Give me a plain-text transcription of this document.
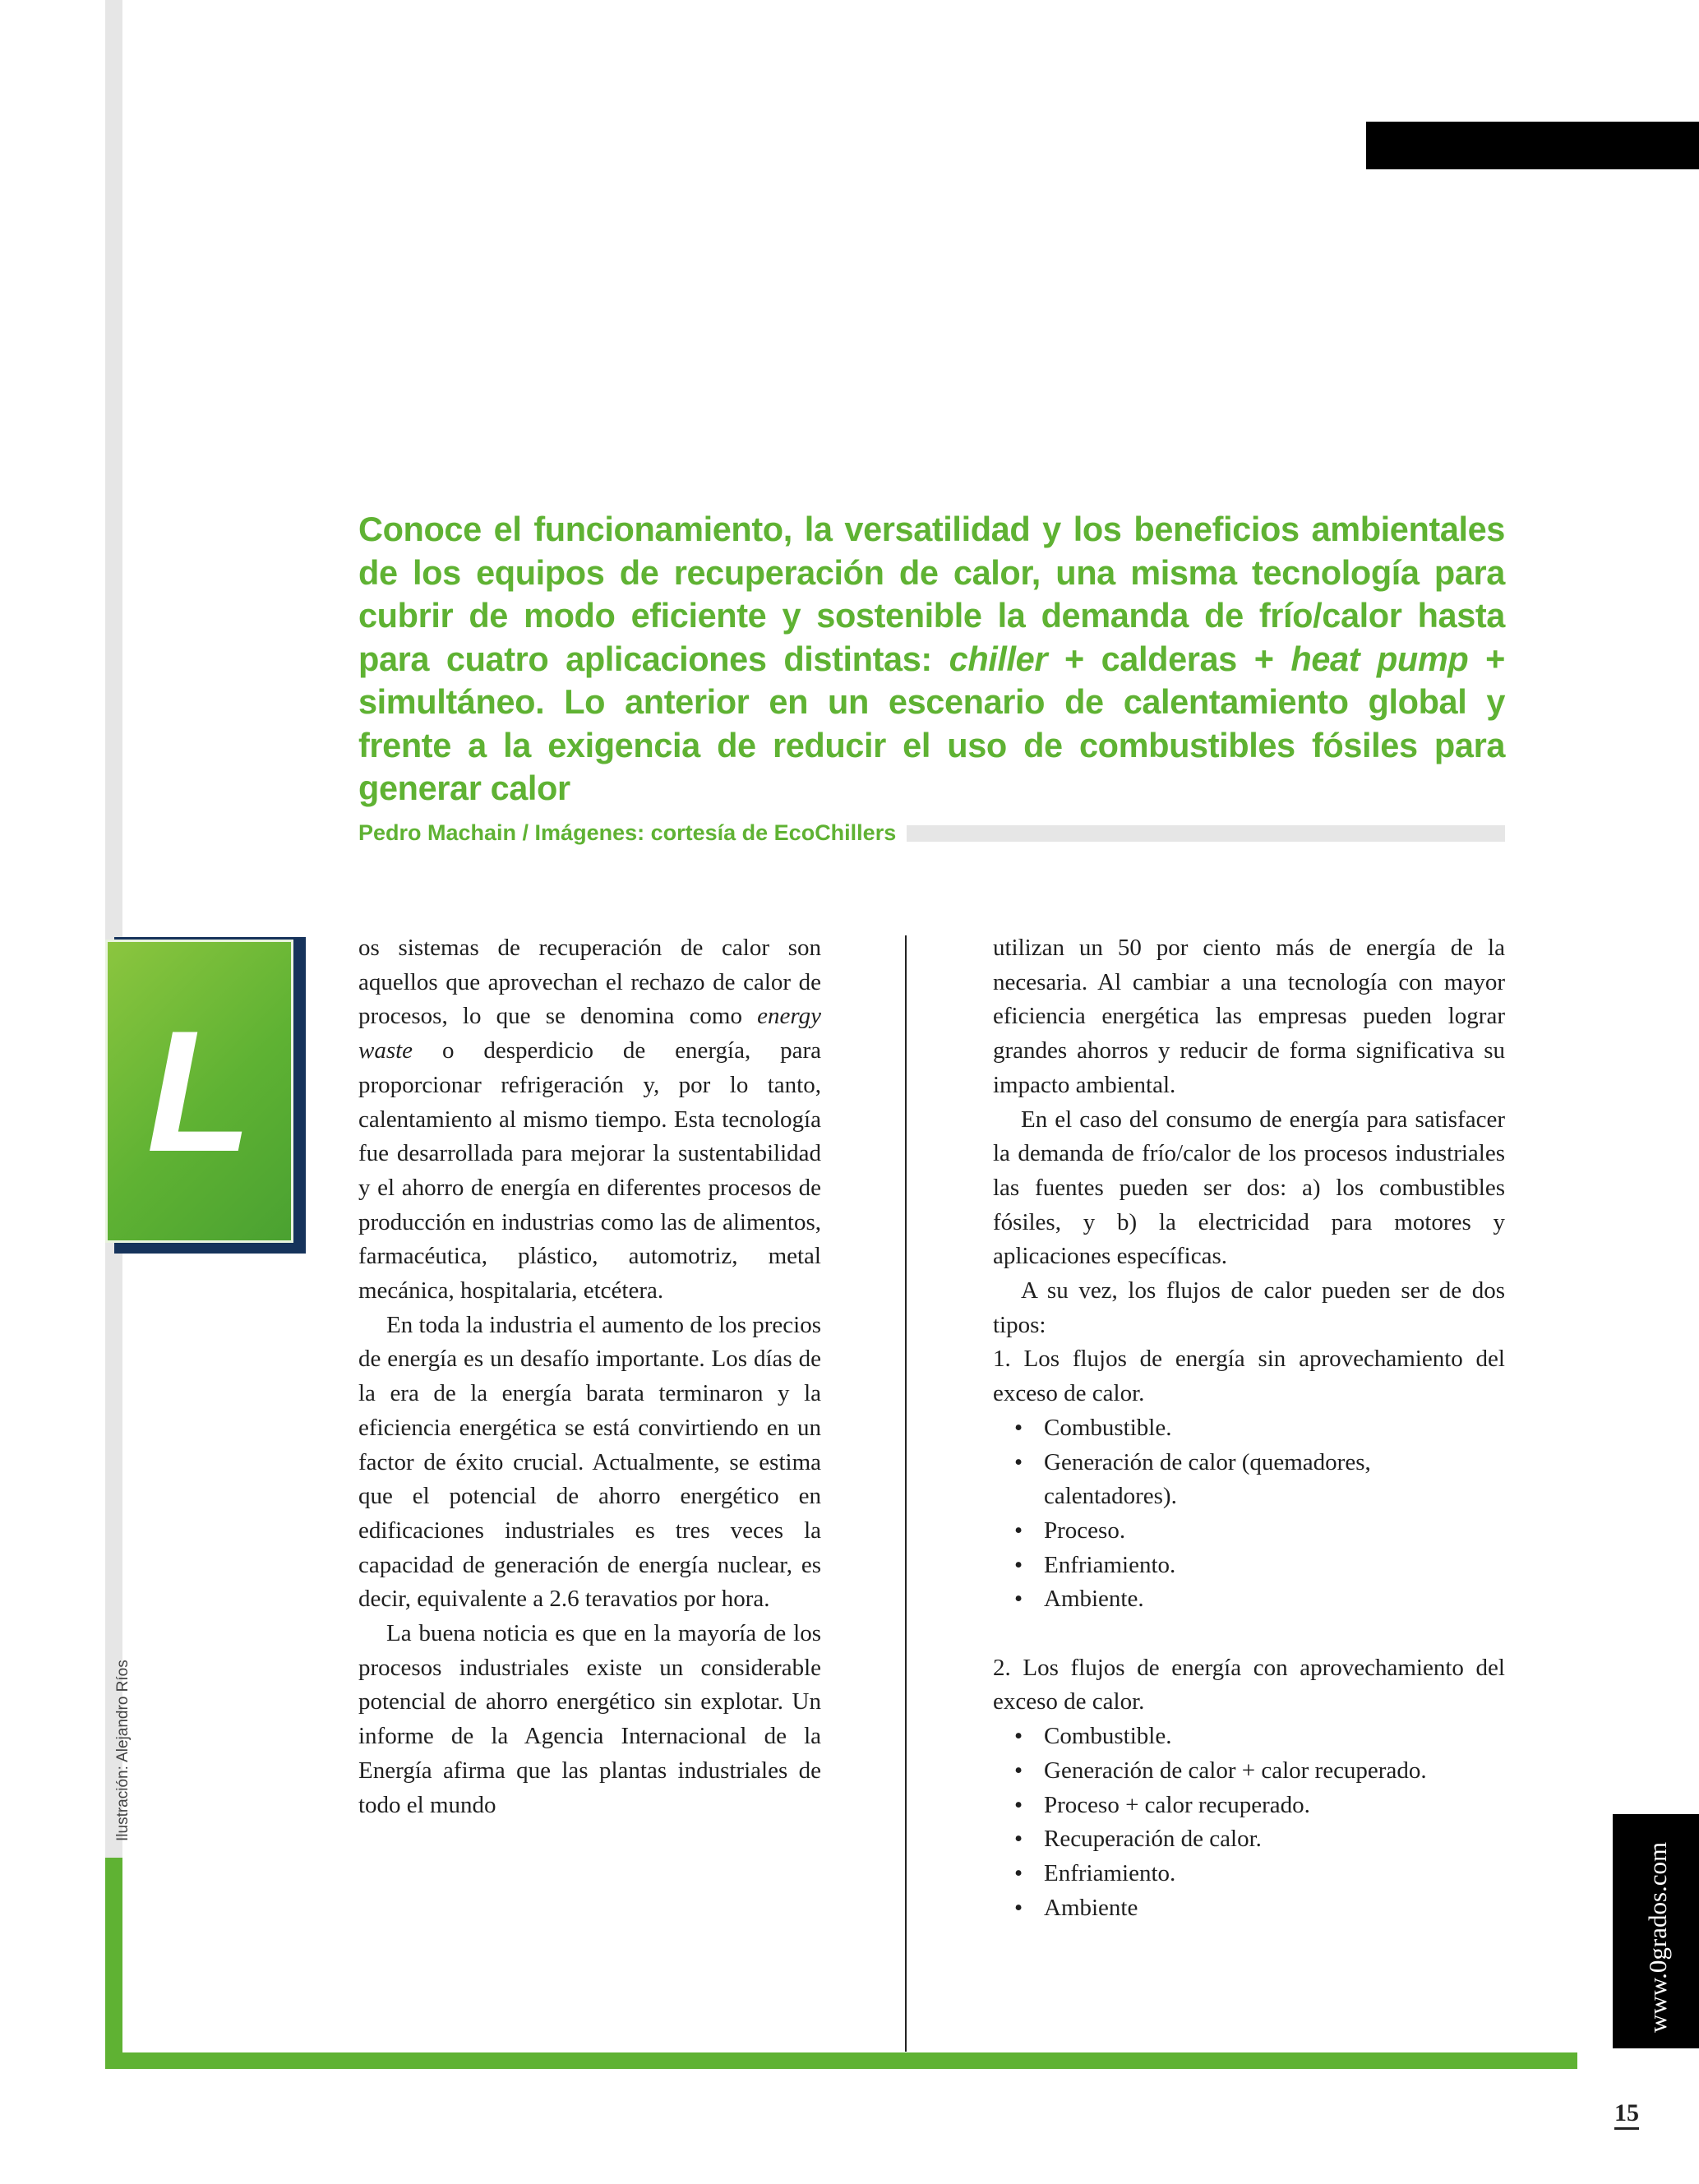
Conoce el funcionamiento, la versatilidad y los beneficios ambientales de los equipos de recuperación de calor, una misma tecnología para cubrir de modo eficiente y sostenible la demanda de frío/calor hasta para cuatro aplicaciones distintas: chiller + calderas + heat pump + simultáneo. Lo anterior en un escenario de calentamiento global y frente a la exigencia de reducir el uso de combustibles fósiles para generar calor
Pedro Machain / Imágenes: cortesía de EcoChillers
L

os sistemas de recuperación de calor son aquellos que aprovechan el rechazo de calor de procesos, lo que se denomina como energy waste o desperdicio de energía, para proporcionar refrigeración y, por lo tanto, calentamiento al mismo tiempo. Esta tecnología fue desarrollada para mejorar la sustentabilidad y el ahorro de energía en diferentes procesos de producción en industrias como las de alimentos, farmacéutica, plástico, automotriz, metal mecánica, hospitalaria, etcétera.

En toda la industria el aumento de los precios de energía es un desafío importante. Los días de la era de la energía barata terminaron y la eficiencia energética se está convirtiendo en un factor de éxito crucial. Actualmente, se estima que el potencial de ahorro energético en edificaciones industriales es tres veces la capacidad de generación de energía nuclear, es decir, equivalente a 2.6 teravatios por hora.

La buena noticia es que en la mayoría de los procesos industriales existe un considerable potencial de ahorro energético sin explotar. Un informe de la Agencia Internacional de la Energía afirma que las plantas industriales de todo el mundo

utilizan un 50 por ciento más de energía de la necesaria. Al cambiar a una tecnología con mayor eficiencia energética las empresas pueden lograr grandes ahorros y reducir de forma significativa su impacto ambiental.

En el caso del consumo de energía para satisfacer la demanda de frío/calor de los procesos industriales las fuentes pueden ser dos: a) los combustibles fósiles, y b) la electricidad para motores y aplicaciones específicas.

A su vez, los flujos de calor pueden ser de dos tipos:

1. Los flujos de energía sin aprovechamiento del exceso de calor.

• Combustible.
• Generación de calor (quemadores, calentadores).
• Proceso.
• Enfriamiento.
• Ambiente.

2. Los flujos de energía con aprovechamiento del exceso de calor.

• Combustible.
• Generación de calor + calor recuperado.
• Proceso + calor recuperado.
• Recuperación de calor.
• Enfriamiento.
• Ambiente
Ilustración: Alejandro Ríos
www.0grados.com
15
